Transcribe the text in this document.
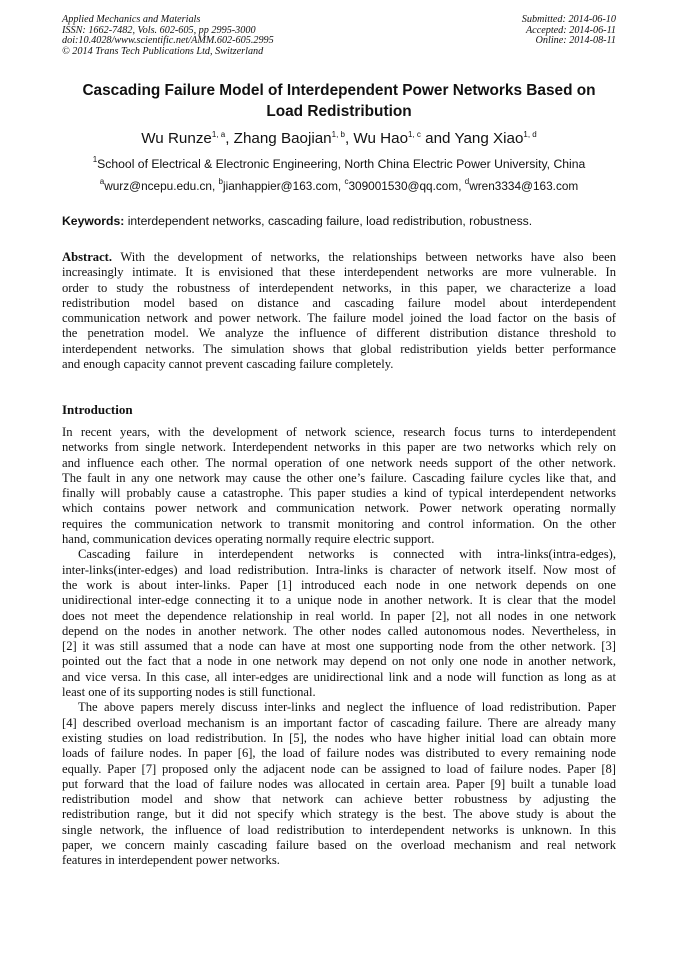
Applied Mechanics and Materials
ISSN: 1662-7482, Vols. 602-605, pp 2995-3000
doi:10.4028/www.scientific.net/AMM.602-605.2995
© 2014 Trans Tech Publications Ltd, Switzerland
Submitted: 2014-06-10
Accepted: 2014-06-11
Online: 2014-08-11
Cascading Failure Model of Interdependent Power Networks Based on
Load Redistribution
Wu Runze$^{1, a}$, Zhang Baojian$^{1, b}$, Wu Hao$^{1, c}$ and Yang Xiao$^{1, d}$
$^1$School of Electrical & Electronic Engineering, North China Electric Power University, China
$^a$wurz@ncepu.edu.cn, $^b$jianhappier@163.com, $^c$309001530@qq.com, $^d$wren3334@163.com
Keywords: interdependent networks, cascading failure, load redistribution, robustness.
Abstract. With the development of networks, the relationships between networks have also been
increasingly intimate. It is envisioned that these interdependent networks are more vulnerable. In
order to study the robustness of interdependent networks, in this paper, we characterize a load
redistribution model based on distance and cascading failure model about interdependent
communication network and power network. The failure model joined the load factor on the basis of
the penetration model. We analyze the influence of different distribution distance threshold to
interdependent networks. The simulation shows that global redistribution yields better performance
and enough capacity cannot prevent cascading failure completely.
Introduction
In recent years, with the development of network science, research focus turns to interdependent
networks from single network. Interdependent networks in this paper are two networks which rely on
and influence each other. The normal operation of one network needs support of the other network.
The fault in any one network may cause the other one’s failure. Cascading failure cycles like that, and
finally will probably cause a catastrophe. This paper studies a kind of typical interdependent networks
which contains power network and communication network. Power network operating normally
requires the communication network to transmit monitoring and control information. On the other
hand, communication devices operating normally require electric support.
Cascading failure in interdependent networks is connected with intra-links(intra-edges),
inter-links(inter-edges) and load redistribution. Intra-links is character of network itself. Now most of
the work is about inter-links. Paper [1] introduced each node in one network depends on one
unidirectional inter-edge connecting it to a unique node in another network. It is clear that the model
does not meet the dependence relationship in real world. In paper [2], not all nodes in one network
depend on the nodes in another network. The other nodes called autonomous nodes. Nevertheless, in
[2] it was still assumed that a node can have at most one supporting node from the other network. [3]
pointed out the fact that a node in one network may depend on not only one node in another network,
and vice versa. In this case, all inter-edges are unidirectional link and a node will function as long as at
least one of its supporting nodes is still functional.
The above papers merely discuss inter-links and neglect the influence of load redistribution. Paper
[4] described overload mechanism is an important factor of cascading failure. There are already many
existing studies on load redistribution. In [5], the nodes who have higher initial load can obtain more
loads of failure nodes. In paper [6], the load of failure nodes was distributed to every remaining node
equally. Paper [7] proposed only the adjacent node can be assigned to load of failure nodes. Paper [8]
put forward that the load of failure nodes was allocated in certain area. Paper [9] built a tunable load
redistribution model and show that network can achieve better robustness by adjusting the
redistribution range, but it did not specify which strategy is the best. The above study is about the
single network, the influence of load redistribution to interdependent networks is unknown. In this
paper, we concern mainly cascading failure based on the overload mechanism and real network
features in interdependent power networks.
